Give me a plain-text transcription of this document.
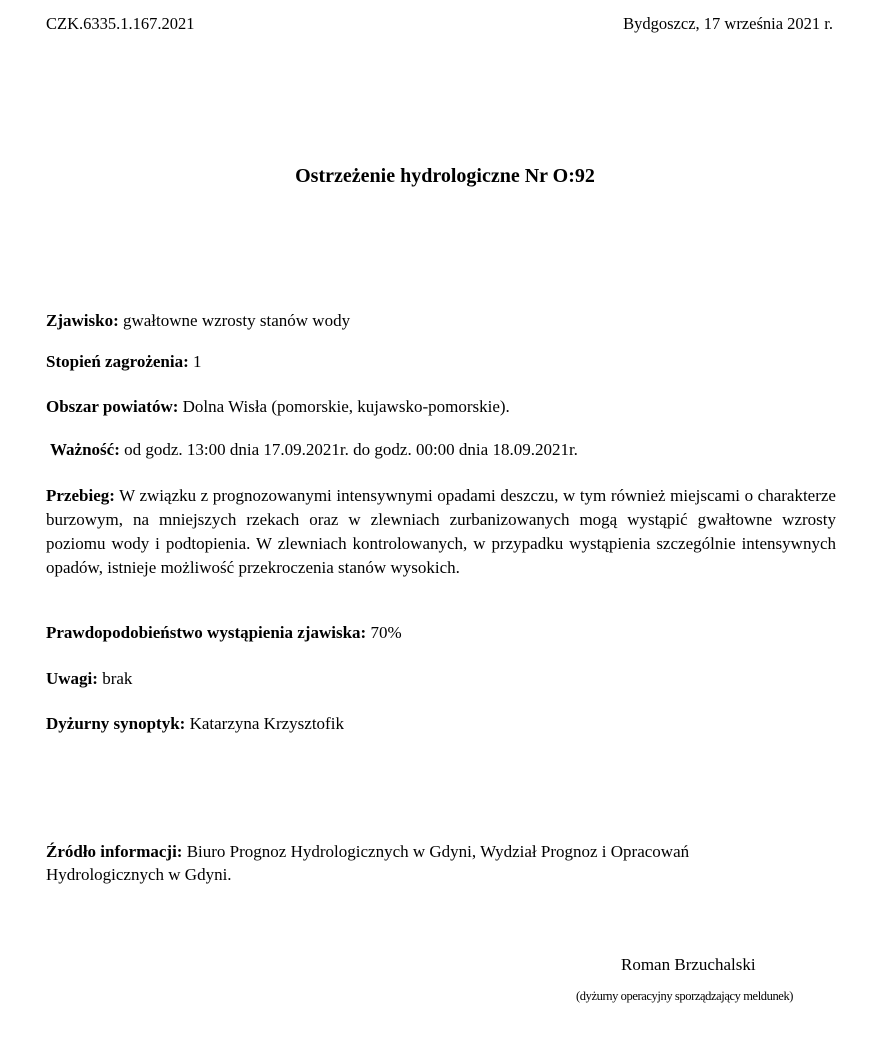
CZK.6335.1.167.2021	Bydgoszcz, 17 września 2021 r.
Ostrzeżenie hydrologiczne Nr O:92
Zjawisko: gwałtowne wzrosty stanów wody
Stopień zagrożenia: 1
Obszar powiatów: Dolna Wisła (pomorskie, kujawsko-pomorskie).
Ważność: od godz. 13:00 dnia 17.09.2021r. do godz. 00:00 dnia 18.09.2021r.
Przebieg: W związku z prognozowanymi intensywnymi opadami deszczu, w tym również miejscami o charakterze burzowym, na mniejszych rzekach oraz w zlewniach zurbanizowanych mogą wystąpić gwałtowne wzrosty poziomu wody i podtopienia. W zlewniach kontrolowanych, w przypadku wystąpienia szczególnie intensywnych opadów, istnieje możliwość przekroczenia stanów wysokich.
Prawdopodobieństwo wystąpienia zjawiska: 70%
Uwagi: brak
Dyżurny synoptyk: Katarzyna Krzysztofik
Źródło informacji: Biuro Prognoz Hydrologicznych w Gdyni, Wydział Prognoz i Opracowań Hydrologicznych w Gdyni.
Roman Brzuchalski
(dyżurny operacyjny sporządzający meldunek)
